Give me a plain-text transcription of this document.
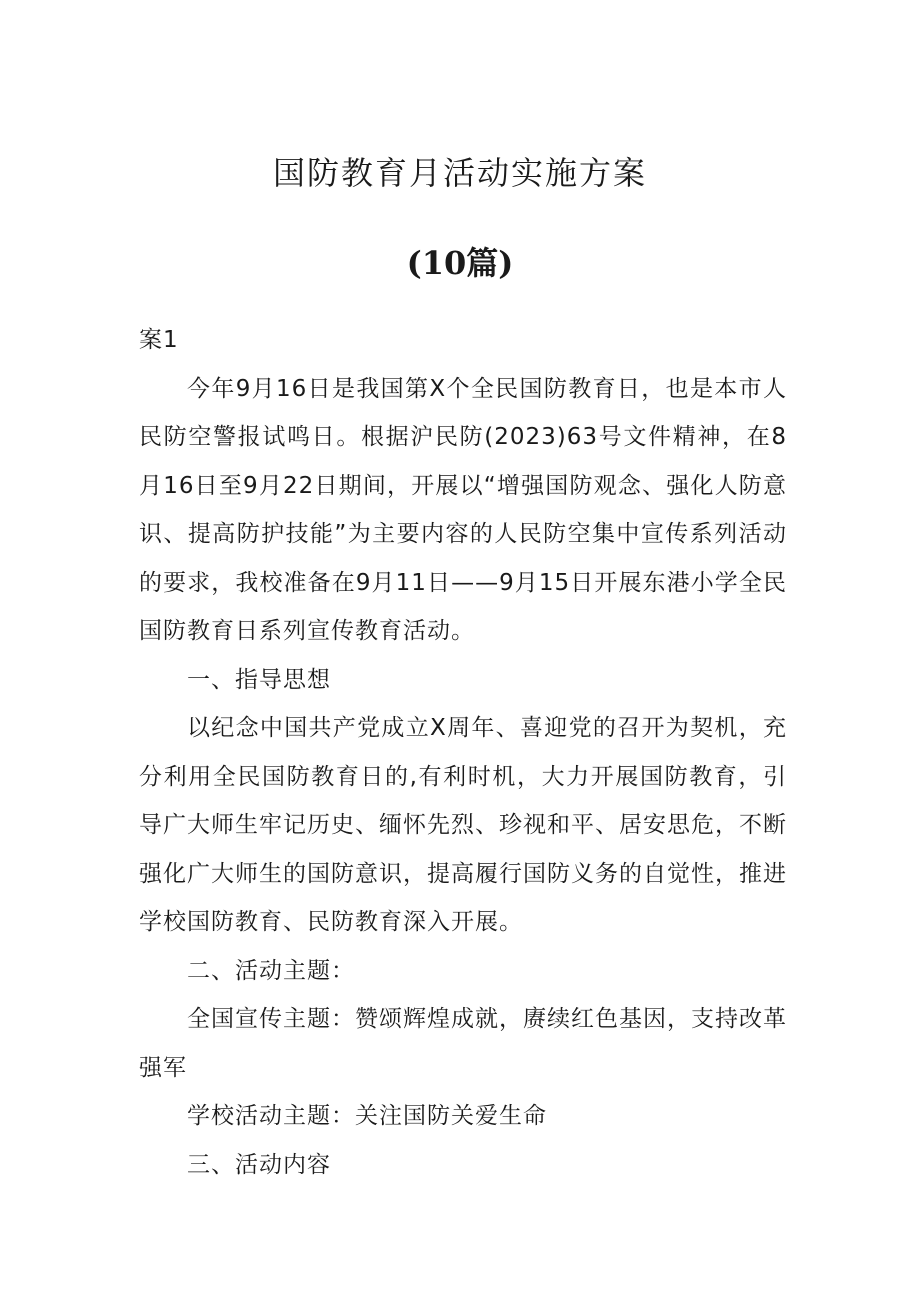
国防教育月活动实施方案
(10篇)

案1

今年9月16日是我国第X个全民国防教育日，也是本市人民防空警报试鸣日。根据沪民防(2023)63号文件精神，在8月16日至9月22日期间，开展以“增强国防观念、强化人防意识、提高防护技能”为主要内容的人民防空集中宣传系列活动的要求，我校准备在9月11日——9月15日开展东港小学全民国防教育日系列宣传教育活动。

一、指导思想

以纪念中国共产党成立X周年、喜迎党的召开为契机，充分利用全民国防教育日的,有利时机，大力开展国防教育，引导广大师生牢记历史、缅怀先烈、珍视和平、居安思危，不断强化广大师生的国防意识，提高履行国防义务的自觉性，推进学校国防教育、民防教育深入开展。

二、活动主题：

全国宣传主题：赞颂辉煌成就，赓续红色基因，支持改革强军

学校活动主题：关注国防关爱生命

三、活动内容
